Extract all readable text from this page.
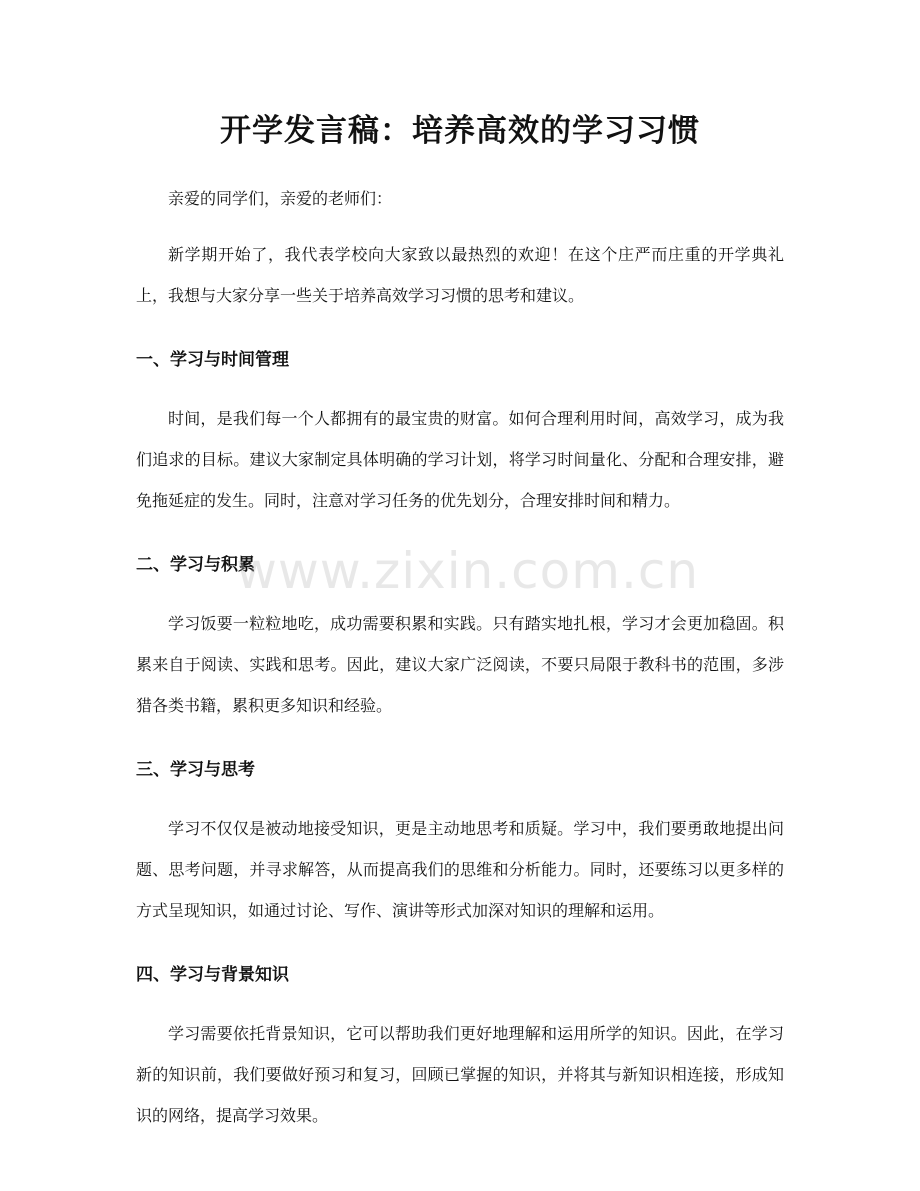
开学发言稿：培养高效的学习习惯

亲爱的同学们，亲爱的老师们：

新学期开始了，我代表学校向大家致以最热烈的欢迎！在这个庄严而庄重的开学典礼上，我想与大家分享一些关于培养高效学习习惯的思考和建议。

一、学习与时间管理

时间，是我们每一个人都拥有的最宝贵的财富。如何合理利用时间，高效学习，成为我们追求的目标。建议大家制定具体明确的学习计划，将学习时间量化、分配和合理安排，避免拖延症的发生。同时，注意对学习任务的优先划分，合理安排时间和精力。

二、学习与积累

学习饭要一粒粒地吃，成功需要积累和实践。只有踏实地扎根，学习才会更加稳固。积累来自于阅读、实践和思考。因此，建议大家广泛阅读，不要只局限于教科书的范围，多涉猎各类书籍，累积更多知识和经验。

三、学习与思考

学习不仅仅是被动地接受知识，更是主动地思考和质疑。学习中，我们要勇敢地提出问题、思考问题，并寻求解答，从而提高我们的思维和分析能力。同时，还要练习以更多样的方式呈现知识，如通过讨论、写作、演讲等形式加深对知识的理解和运用。

四、学习与背景知识

学习需要依托背景知识，它可以帮助我们更好地理解和运用所学的知识。因此，在学习新的知识前，我们要做好预习和复习，回顾已掌握的知识，并将其与新知识相连接，形成知识的网络，提高学习效果。

www.zixin.com.cn
